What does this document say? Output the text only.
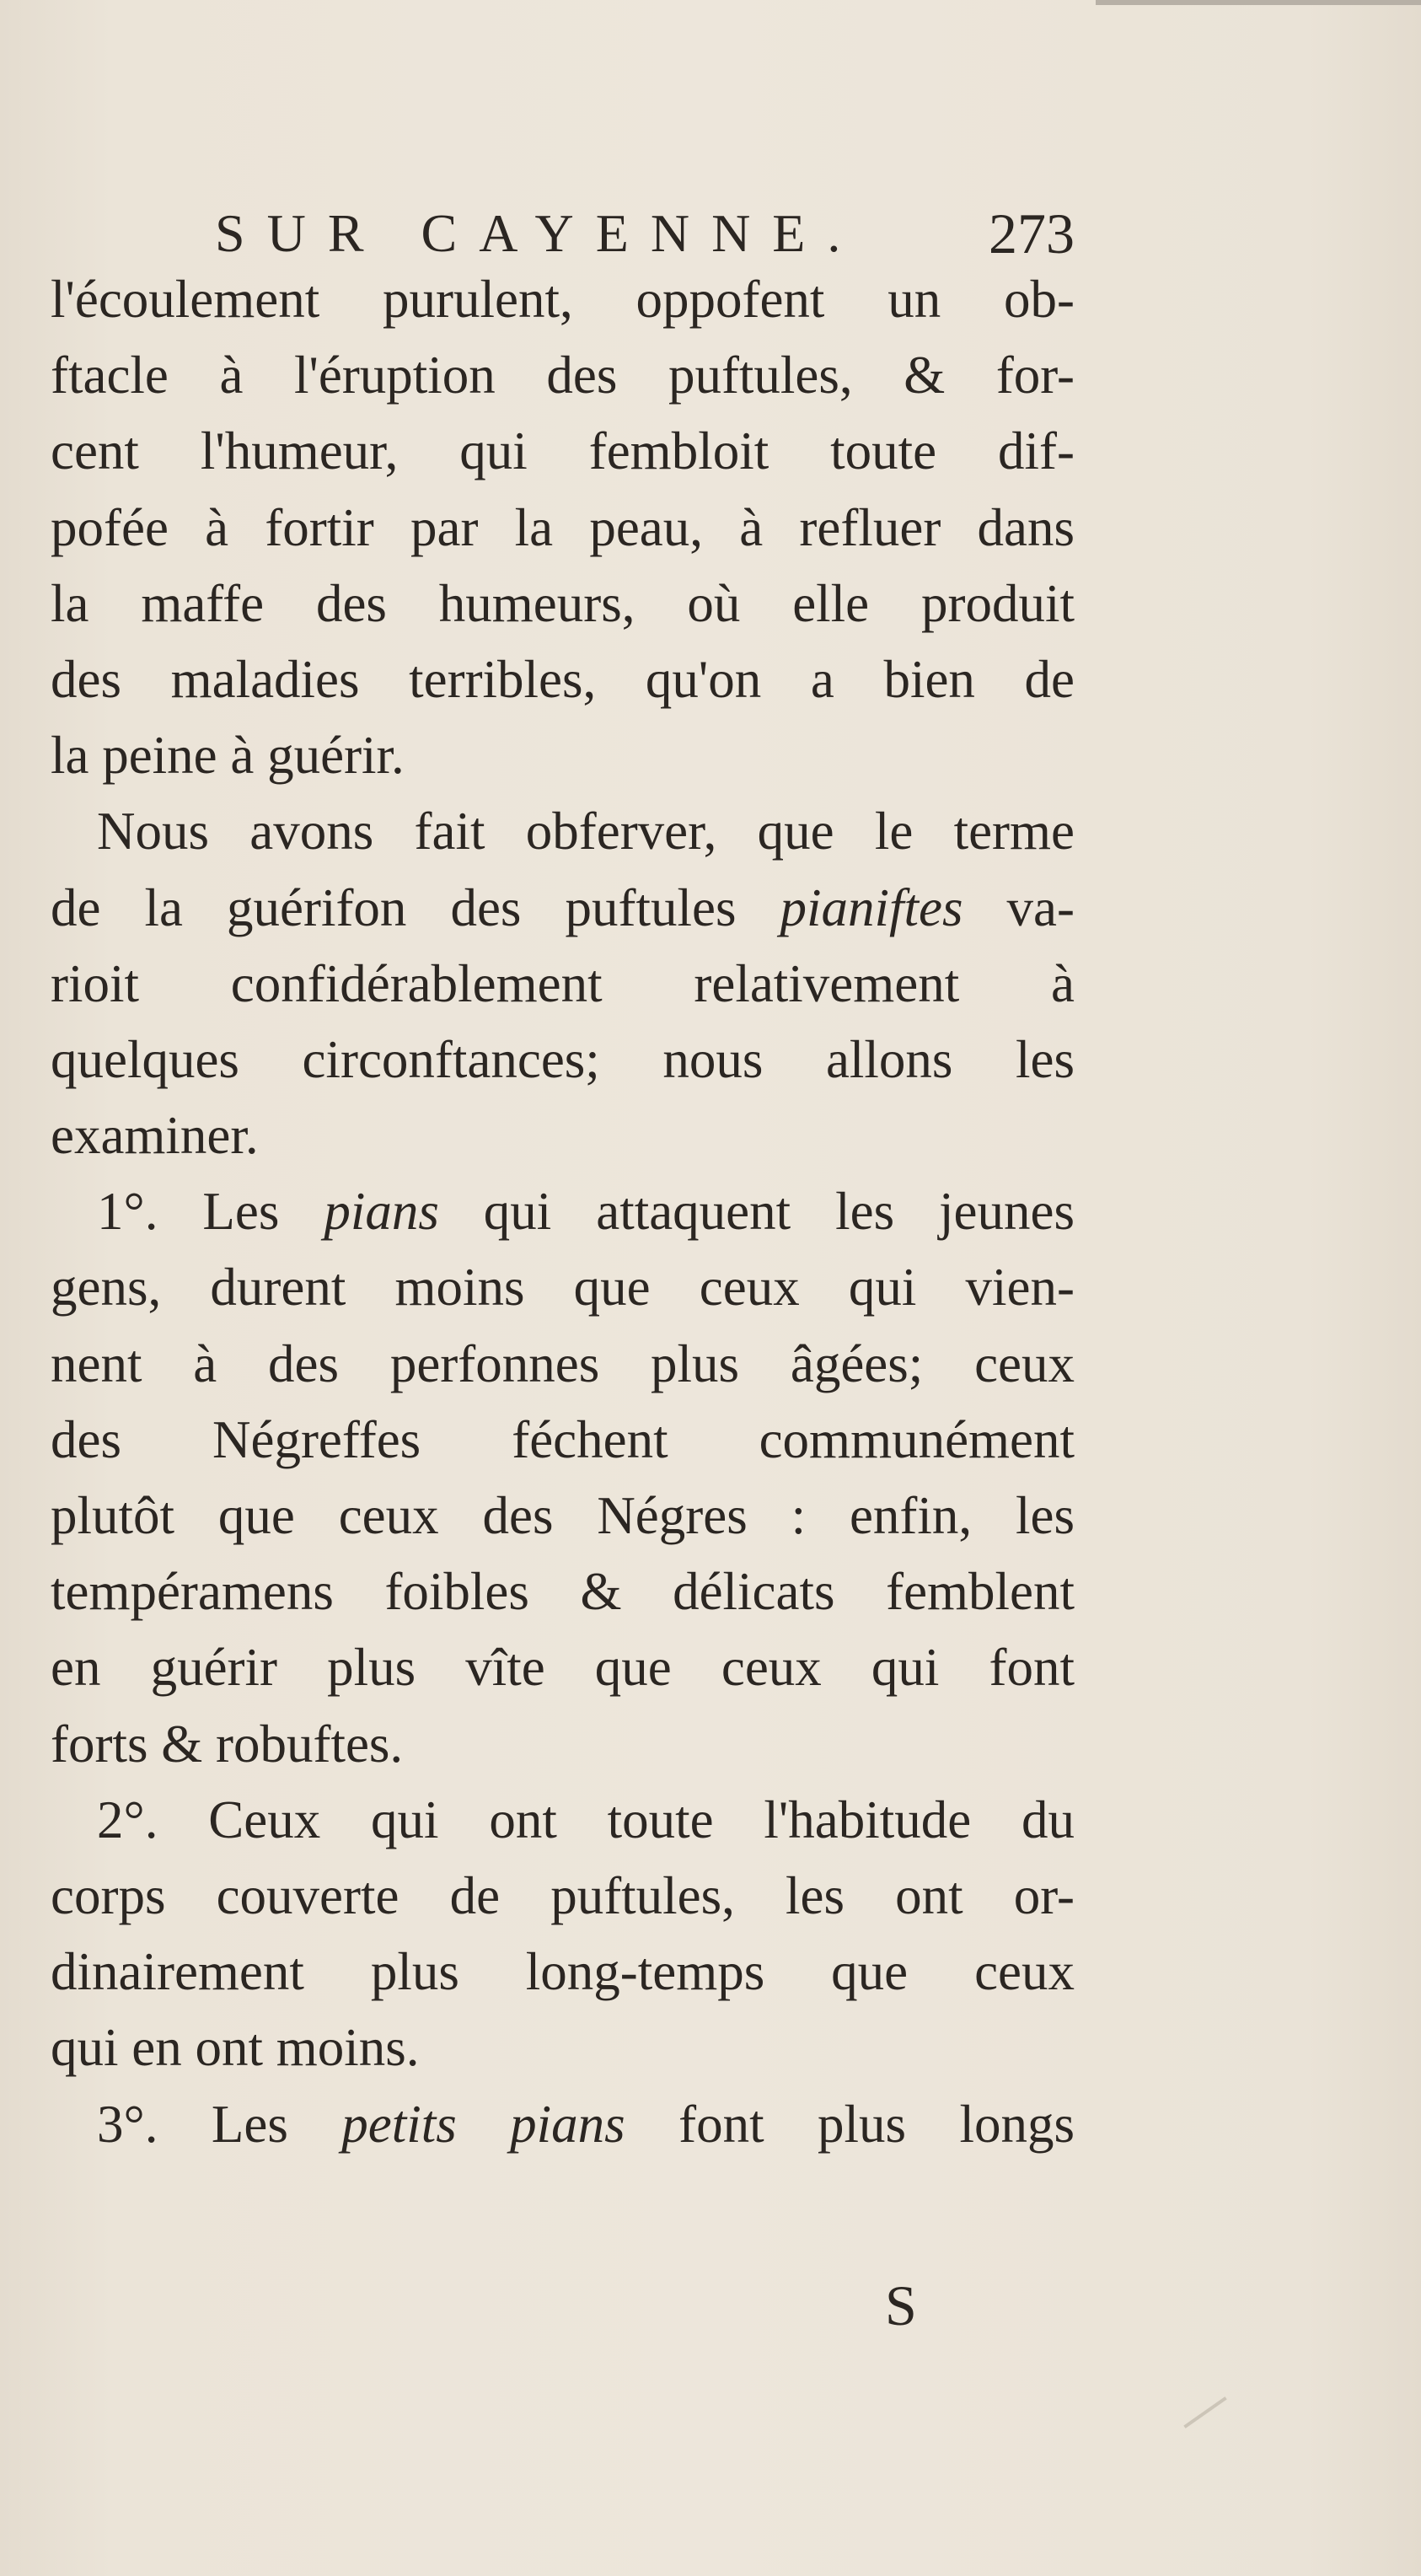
SUR CAYENNE. 273
l'écoulement purulent, oppofent un ob-
ftacle à l'éruption des puftules, & for-
cent l'humeur, qui fembloit toute dif-
pofée à fortir par la peau, à refluer dans
la maffe des humeurs, où elle produit
des maladies terribles, qu'on a bien de
la peine à guérir.
Nous avons fait obferver, que le terme
de la guérifon des puftules pianiftes va-
rioit confidérablement relativement à
quelques circonftances; nous allons les
examiner.
1°. Les pians qui attaquent les jeunes
gens, durent moins que ceux qui vien-
nent à des perfonnes plus âgées; ceux
des Négreffes féchent communément
plutôt que ceux des Négres : enfin, les
tempéramens foibles & délicats femblent
en guérir plus vîte que ceux qui font
forts & robuftes.
2°. Ceux qui ont toute l'habitude du
corps couverte de puftules, les ont or-
dinairement plus long-temps que ceux
qui en ont moins.
3°. Les petits pians font plus longs
S
